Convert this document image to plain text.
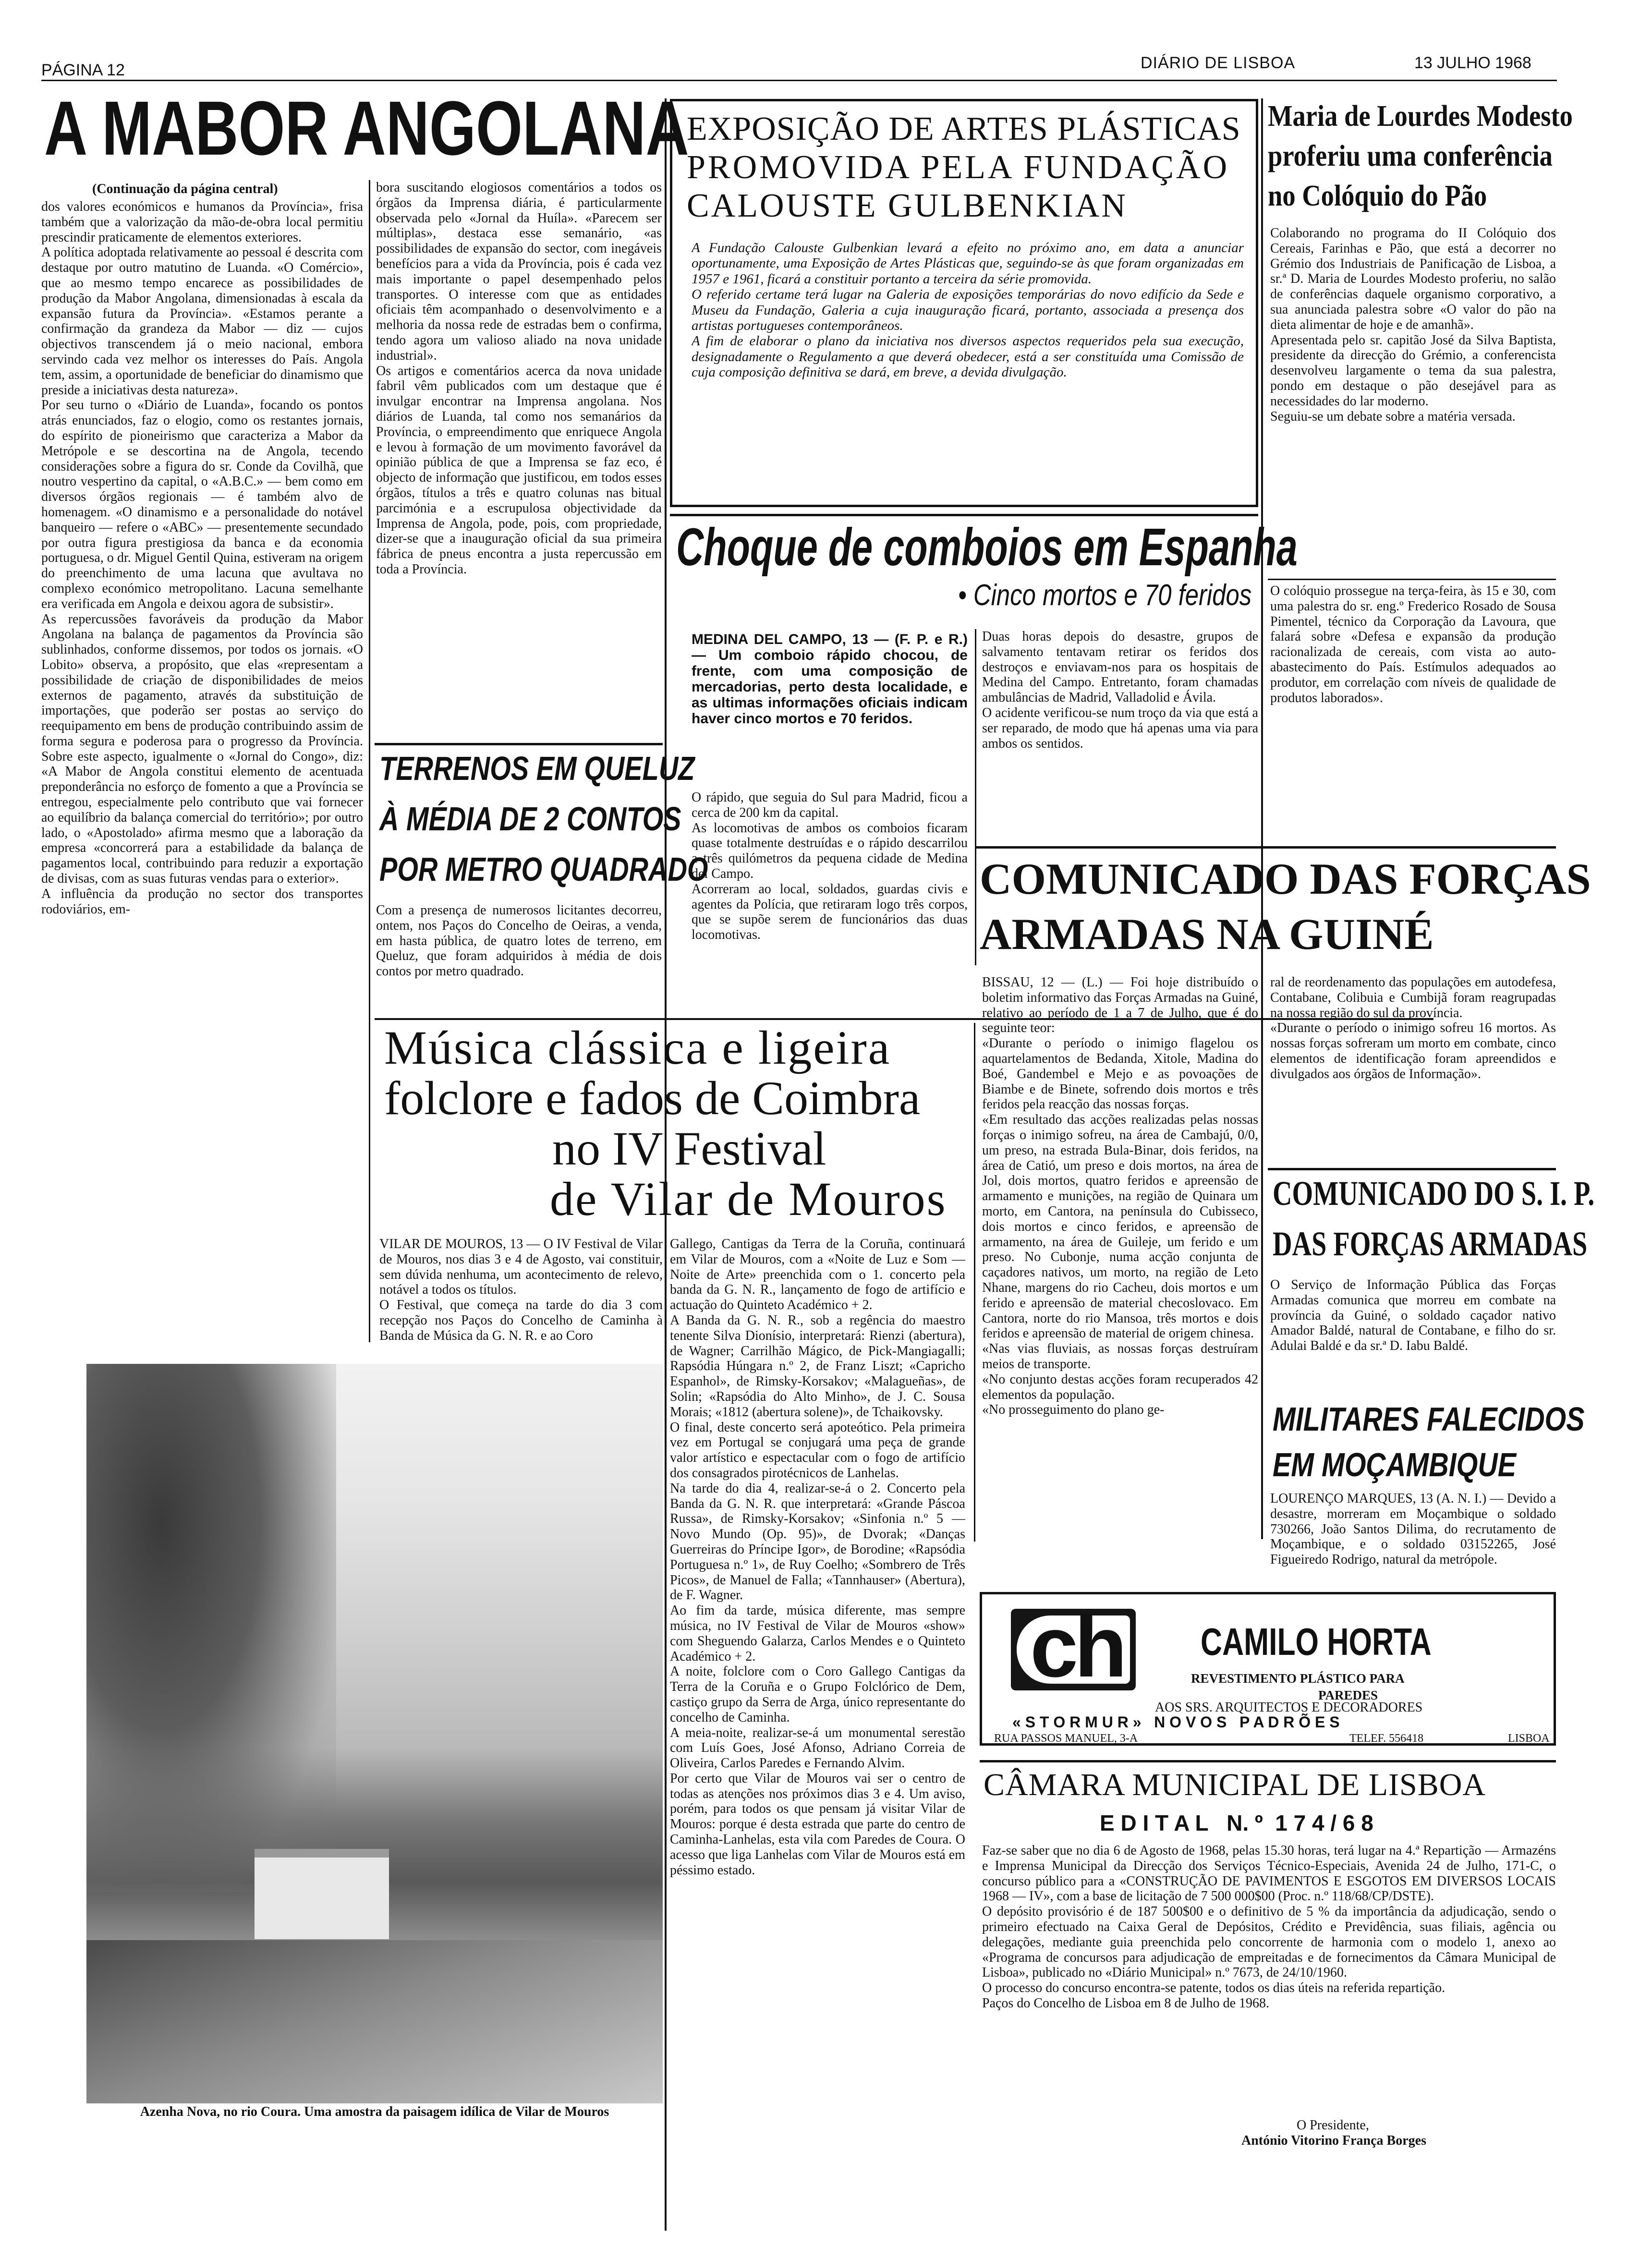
PÁGINA 12	DIÁRIO DE LISBOA	13 JULHO 1968
A MABOR ANGOLANA
(Continuação da página central)
dos valores económicos e humanos da Província», frisa também que a valorização da mão-de-obra local permitiu prescindir praticamente de elementos exteriores.
A política adoptada relativamente ao pessoal é descrita com destaque por outro matutino de Luanda. «O Comércio», que ao mesmo tempo encarece as possibilidades de produção da Mabor Angolana, dimensionadas à escala da expansão futura da Província». «Estamos perante a confirmação da grandeza da Mabor — diz — cujos objectivos transcendem já o meio nacional, embora servindo cada vez melhor os interesses do País. Angola tem, assim, a oportunidade de beneficiar do dinamismo que preside a iniciativas desta natureza».
Por seu turno o «Diário de Luanda», focando os pontos atrás enunciados, faz o elogio, como os restantes jornais, do espírito de pioneirismo que caracteriza a Mabor da Metrópole e se descortina na de Angola, tecendo considerações sobre a figura do sr. Conde da Covilhã, que noutro vespertino da capital, o «A.B.C.» — bem como em diversos órgãos regionais — é também alvo de homenagem. «O dinamismo e a personalidade do notável banqueiro — refere o «ABC» — presentemente secundado por outra figura prestigiosa da banca e da economia portuguesa, o dr. Miguel Gentil Quina, estiveram na origem do preenchimento de uma lacuna que avultava no complexo económico metropolitano. Lacuna semelhante era verificada em Angola e deixou agora de subsistir».
As repercussões favoráveis da produção da Mabor Angolana na balança de pagamentos da Província são sublinhados, conforme dissemos, por todos os jornais. «O Lobito» observa, a propósito, que elas «representam a possibilidade de criação de disponibilidades de meios externos de pagamento, através da substituição de importações, que poderão ser postas ao serviço do reequipamento em bens de produção contribuindo assim de forma segura e poderosa para o progresso da Província. Sobre este aspecto, igualmente o «Jornal do Congo», diz: «A Mabor de Angola constitui elemento de acentuada preponderância no esforço de fomento a que a Província se entregou, especialmente pelo contributo que vai fornecer ao equilíbrio da balança comercial do território»; por outro lado, o «Apostolado» afirma mesmo que a laboração da empresa «concorrerá para a estabilidade da balança de pagamentos local, contribuindo para reduzir a exportação de divisas, com as suas futuras vendas para o exterior».
A influência da produção no sector dos transportes rodoviários, em-
bora suscitando elogiosos comentários a todos os órgãos da Imprensa diária, é particularmente observada pelo «Jornal da Huíla». «Parecem ser múltiplas», destaca esse semanário, «as possibilidades de expansão do sector, com inegáveis benefícios para a vida da Província, pois é cada vez mais importante o papel desempenhado pelos transportes. O interesse com que as entidades oficiais têm acompanhado o desenvolvimento e a melhoria da nossa rede de estradas bem o confirma, tendo agora um valioso aliado na nova unidade industrial».
Os artigos e comentários acerca da nova unidade fabril vêm publicados com um destaque que é invulgar encontrar na Imprensa angolana. Nos diários de Luanda, tal como nos semanários da Província, o empreendimento que enriquece Angola e levou à formação de um movimento favorável da opinião pública de que a Imprensa se faz eco, é objecto de informação que justificou, em todos esses órgãos, títulos a três e quatro colunas nas bitual parcimónia e a escrupulosa objectividade da Imprensa de Angola, pode, pois, com propriedade, dizer-se que a inauguração oficial da sua primeira fábrica de pneus encontra a justa repercussão em toda a Província.
TERRENOS EM QUELUZ
À MÉDIA DE 2 CONTOS
POR METRO QUADRADO
Com a presença de numerosos licitantes decorreu, ontem, nos Paços do Concelho de Oeiras, a venda, em hasta pública, de quatro lotes de terreno, em Queluz, que foram adquiridos à média de dois contos por metro quadrado.
EXPOSIÇÃO DE ARTES PLÁSTICAS
PROMOVIDA PELA FUNDAÇÃO
CALOUSTE GULBENKIAN
A Fundação Calouste Gulbenkian levará a efeito no próximo ano, em data a anunciar oportunamente, uma Exposição de Artes Plásticas que, seguindo-se às que foram organizadas em 1957 e 1961, ficará a constituir portanto a terceira da série promovida.
O referido certame terá lugar na Galeria de exposições temporárias do novo edifício da Sede e Museu da Fundação, Galeria a cuja inauguração ficará, portanto, associada a presença dos artistas portugueses contemporâneos.
A fim de elaborar o plano da iniciativa nos diversos aspectos requeridos pela sua execução, designadamente o Regulamento a que deverá obedecer, está a ser constituída uma Comissão de cuja composição definitiva se dará, em breve, a devida divulgação.
Choque de comboios em Espanha
• Cinco mortos e 70 feridos
MEDINA DEL CAMPO, 13 — (F. P. e R.) — Um comboio rápido chocou, de frente, com uma composição de mercadorias, perto desta localidade, e as ultimas informações oficiais indicam haver cinco mortos e 70 feridos.
O rápido, que seguia do Sul para Madrid, ficou a cerca de 200 km da capital.
As locomotivas de ambos os comboios ficaram quase totalmente destruídas e o rápido descarrilou a três quilómetros da pequena cidade de Medina del Campo.
Acorreram ao local, soldados, guardas civis e agentes da Polícia, que retiraram logo três corpos, que se supõe serem de funcionários das duas locomotivas.
Duas horas depois do desastre, grupos de salvamento tentavam retirar os feridos dos destroços e enviavam-nos para os hospitais de Medina del Campo. Entretanto, foram chamadas ambulâncias de Madrid, Valladolid e Ávila.
O acidente verificou-se num troço da via que está a ser reparado, de modo que há apenas uma via para ambos os sentidos.
COMUNICADO DAS FORÇAS
ARMADAS NA GUINÉ
BISSAU, 12 — (L.) — Foi hoje distribuído o boletim informativo das Forças Armadas na Guiné, relativo ao período de 1 a 7 de Julho, que é do seguinte teor:
«Durante o período o inimigo flagelou os aquartelamentos de Bedanda, Xitole, Madina do Boé, Gandembel e Mejo e as povoações de Biambe e de Binete, sofrendo dois mortos e três feridos pela reacção das nossas forças.
«Em resultado das acções realizadas pelas nossas forças o inimigo sofreu, na área de Cambajú, 0/0, um preso, na estrada Bula-Binar, dois feridos, na área de Catió, um preso e dois mortos, na área de Jol, dois mortos, quatro feridos e apreensão de armamento e munições, na região de Quinara um morto, em Cantora, na península do Cubisseco, dois mortos e cinco feridos, e apreensão de armamento, na área de Guileje, um ferido e um preso. No Cubonje, numa acção conjunta de caçadores nativos, um morto, na região de Leto Nhane, margens do rio Cacheu, dois mortos e um ferido e apreensão de material checoslovaco. Em Cantora, norte do rio Mansoa, três mortos e dois feridos e apreensão de material de origem chinesa.
«Nas vias fluviais, as nossas forças destruíram meios de transporte.
«No conjunto destas acções foram recuperados 42 elementos da população.
«No prosseguimento do plano ge-
ral de reordenamento das populações em autodefesa, Contabane, Colibuia e Cumbijã foram reagrupadas na nossa região do sul da província.
«Durante o período o inimigo sofreu 16 mortos. As nossas forças sofreram um morto em combate, cinco elementos de identificação foram apreendidos e divulgados aos órgãos de Informação».
Maria de Lourdes Modesto
proferiu uma conferência
no Colóquio do Pão
Colaborando no programa do II Colóquio dos Cereais, Farinhas e Pão, que está a decorrer no Grémio dos Industriais de Panificação de Lisboa, a sr.ª D. Maria de Lourdes Modesto proferiu, no salão de conferências daquele organismo corporativo, a sua anunciada palestra sobre «O valor do pão na dieta alimentar de hoje e de amanhã».
Apresentada pelo sr. capitão José da Silva Baptista, presidente da direcção do Grémio, a conferencista desenvolveu largamente o tema da sua palestra, pondo em destaque o pão desejável para as necessidades do lar moderno.
Seguiu-se um debate sobre a matéria versada.
O colóquio prossegue na terça-feira, às 15 e 30, com uma palestra do sr. eng.º Frederico Rosado de Sousa Pimentel, técnico da Corporação da Lavoura, que falará sobre «Defesa e expansão da produção racionalizada de cereais, com vista ao auto-abastecimento do País. Estímulos adequados ao produtor, em correlação com níveis de qualidade de produtos laborados».
COMUNICADO DO S. I. P.
DAS FORÇAS ARMADAS
O Serviço de Informação Pública das Forças Armadas comunica que morreu em combate na província da Guiné, o soldado caçador nativo Amador Baldé, natural de Contabane, e filho do sr. Adulai Baldé e da sr.ª D. Iabu Baldé.
MILITARES FALECIDOS
EM MOÇAMBIQUE
LOURENÇO MARQUES, 13 (A. N. I.) — Devido a desastre, morreram em Moçambique o soldado 730266, João Santos Dilima, do recrutamento de Moçambique, e o soldado 03152265, José Figueiredo Rodrigo, natural da metrópole.
ch CAMILO HORTA
REVESTIMENTO PLÁSTICO PARA
PAREDES
AOS SRS. ARQUITECTOS E DECORADORES
« S T O R M U R »   N O V O S   P A D R Õ E S
RUA PASSOS MANUEL, 3-A	TELEF. 556418	LISBOA
CÂMARA MUNICIPAL DE LISBOA
E D I T A L   N. º  1 7 4 / 6 8
Faz-se saber que no dia 6 de Agosto de 1968, pelas 15.30 horas, terá lugar na 4.ª Repartição — Armazéns e Imprensa Municipal da Direcção dos Serviços Técnico-Especiais, Avenida 24 de Julho, 171-C, o concurso público para a «CONSTRUÇÃO DE PAVIMENTOS E ESGOTOS EM DIVERSOS LOCAIS 1968 — IV», com a base de licitação de 7 500 000$00 (Proc. n.º 118/68/CP/DSTE).
O depósito provisório é de 187 500$00 e o definitivo de 5 % da importância da adjudicação, sendo o primeiro efectuado na Caixa Geral de Depósitos, Crédito e Previdência, suas filiais, agência ou delegações, mediante guia preenchida pelo concorrente de harmonia com o modelo 1, anexo ao «Programa de concursos para adjudicação de empreitadas e de fornecimentos da Câmara Municipal de Lisboa», publicado no «Diário Municipal» n.º 7673, de 24/10/1960.
O processo do concurso encontra-se patente, todos os dias úteis na referida repartição.
Paços do Concelho de Lisboa em 8 de Julho de 1968.
O Presidente,
António Vitorino França Borges
Música clássica e ligeira
folclore e fados de Coimbra
no IV Festival
de Vilar de Mouros
VILAR DE MOUROS, 13 — O IV Festival de Vilar de Mouros, nos dias 3 e 4 de Agosto, vai constituir, sem dúvida nenhuma, um acontecimento de relevo, notável a todos os títulos.
O Festival, que começa na tarde do dia 3 com recepção nos Paços do Concelho de Caminha à Banda de Música da G. N. R. e ao Coro
Azenha Nova, no rio Coura. Uma amostra da paisagem idílica de Vilar de Mouros
Gallego, Cantigas da Terra de la Coruña, continuará em Vilar de Mouros, com a «Noite de Luz e Som — Noite de Arte» preenchida com o 1. concerto pela banda da G. N. R., lançamento de fogo de artifício e actuação do Quinteto Académico + 2.
A Banda da G. N. R., sob a regência do maestro tenente Silva Dionísio, interpretará: Rienzi (abertura), de Wagner; Carrilhão Mágico, de Pick-Mangiagalli; Rapsódia Húngara n.º 2, de Franz Liszt; «Capricho Espanhol», de Rimsky-Korsakov; «Malagueñas», de Solin; «Rapsódia do Alto Minho», de J. C. Sousa Morais; «1812 (abertura solene)», de Tchaikovsky.
O final, deste concerto será apoteótico. Pela primeira vez em Portugal se conjugará uma peça de grande valor artístico e espectacular com o fogo de artifício dos consagrados pirotécnicos de Lanhelas.
Na tarde do dia 4, realizar-se-á o 2. Concerto pela Banda da G. N. R. que interpretará: «Grande Páscoa Russa», de Rimsky-Korsakov; «Sinfonia n.º 5 — Novo Mundo (Op. 95)», de Dvorak; «Danças Guerreiras do Príncipe Igor», de Borodine; «Rapsódia Portuguesa n.º 1», de Ruy Coelho; «Sombrero de Três Picos», de Manuel de Falla; «Tannhauser» (Abertura), de F. Wagner.
Ao fim da tarde, música diferente, mas sempre música, no IV Festival de Vilar de Mouros «show» com Sheguendo Galarza, Carlos Mendes e o Quinteto Académico + 2.
A noite, folclore com o Coro Gallego Cantigas da Terra de la Coruña e o Grupo Folclórico de Dem, castiço grupo da Serra de Arga, único representante do concelho de Caminha.
A meia-noite, realizar-se-á um monumental serestão com Luís Goes, José Afonso, Adriano Correia de Oliveira, Carlos Paredes e Fernando Alvim.
Por certo que Vilar de Mouros vai ser o centro de todas as atenções nos próximos dias 3 e 4. Um aviso, porém, para todos os que pensam já visitar Vilar de Mouros: porque é desta estrada que parte do centro de Caminha-Lanhelas, esta vila com Paredes de Coura. O acesso que liga Lanhelas com Vilar de Mouros está em péssimo estado.
